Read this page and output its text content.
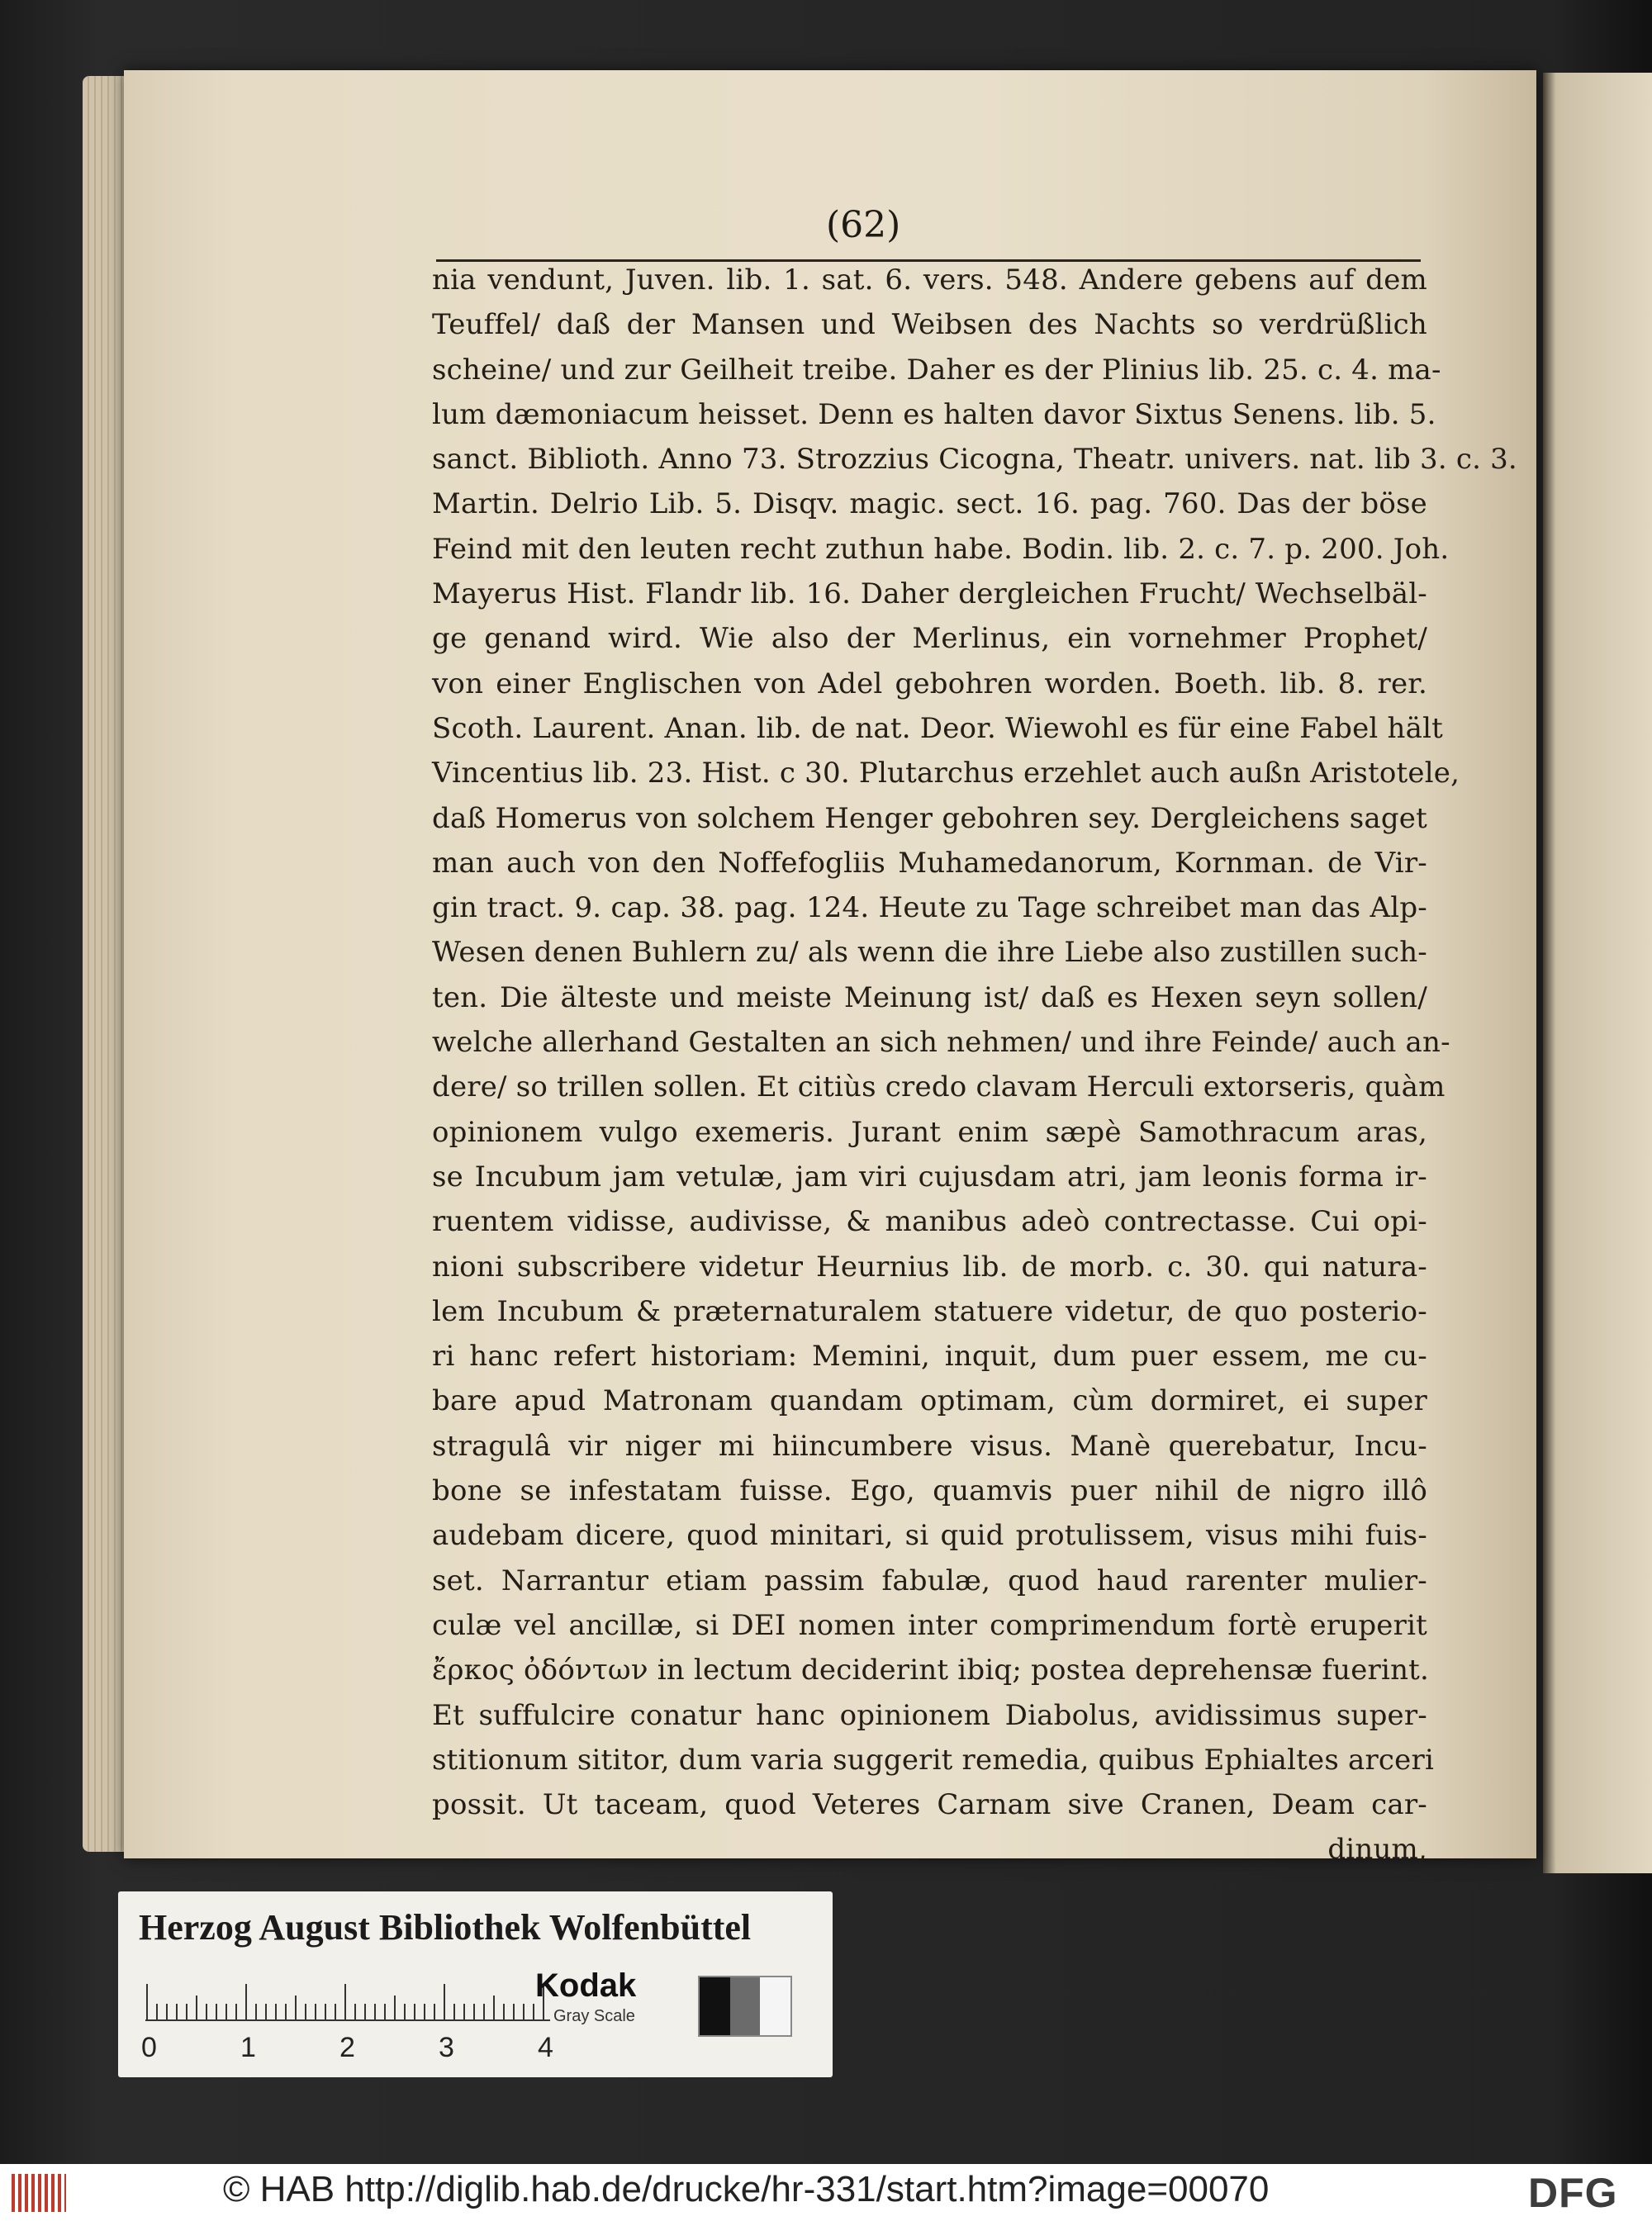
(62)
nia vendunt, Juven. lib. 1. sat. 6. vers. 548. Andere gebens auf dem
Teuffel/ daß der Mansen und Weibsen des Nachts so verdrüßlich
scheine/ und zur Geilheit treibe. Daher es der Plinius lib. 25. c. 4. ma-
lum dæmoniacum heisset. Denn es halten davor Sixtus Senens. lib. 5.
sanct. Biblioth. Anno 73. Strozzius Cicogna, Theatr. univers. nat. lib 3. c. 3.
Martin. Delrio Lib. 5. Disqv. magic. sect. 16. pag. 760. Das der böse
Feind mit den leuten recht zuthun habe. Bodin. lib. 2. c. 7. p. 200. Joh.
Mayerus Hist. Flandr lib. 16. Daher dergleichen Frucht/ Wechselbäl-
ge genand wird. Wie also der Merlinus, ein vornehmer Prophet/
von einer Englischen von Adel gebohren worden. Boeth. lib. 8. rer.
Scoth. Laurent. Anan. lib. de nat. Deor. Wiewohl es für eine Fabel hält
Vincentius lib. 23. Hist. c 30. Plutarchus erzehlet auch außn Aristotele,
daß Homerus von solchem Henger gebohren sey. Dergleichens saget
man auch von den Noffefogliis Muhamedanorum, Kornman. de Vir-
gin tract. 9. cap. 38. pag. 124. Heute zu Tage schreibet man das Alp-
Wesen denen Buhlern zu/ als wenn die ihre Liebe also zustillen such-
ten. Die älteste und meiste Meinung ist/ daß es Hexen seyn sollen/
welche allerhand Gestalten an sich nehmen/ und ihre Feinde/ auch an-
dere/ so trillen sollen. Et citiùs credo clavam Herculi extorseris, quàm
opinionem vulgo exemeris. Jurant enim sæpè Samothracum aras,
se Incubum jam vetulæ, jam viri cujusdam atri, jam leonis forma ir-
ruentem vidisse, audivisse, & manibus adeò contrectasse. Cui opi-
nioni subscribere videtur Heurnius lib. de morb. c. 30. qui natura-
lem Incubum & præternaturalem statuere videtur, de quo posterio-
ri hanc refert historiam: Memini, inquit, dum puer essem, me cu-
bare apud Matronam quandam optimam, cùm dormiret, ei super
stragulâ vir niger mi hiincumbere visus. Manè querebatur, Incu-
bone se infestatam fuisse. Ego, quamvis puer nihil de nigro illô
audebam dicere, quod minitari, si quid protulissem, visus mihi fuis-
set. Narrantur etiam passim fabulæ, quod haud rarenter mulier-
culæ vel ancillæ, si DEI nomen inter comprimendum fortè eruperit
ἔρκος ὀδόντων in lectum deciderint ibiq; postea deprehensæ fuerint.
Et suffulcire conatur hanc opinionem Diabolus, avidissimus super-
stitionum sititor, dum varia suggerit remedia, quibus Ephialtes arceri
possit. Ut taceam, quod Veteres Carnam sive Cranen, Deam car-
dinum,
Herzog August Bibliothek Wolfenbüttel
0	1	2	3	4
Kodak
Gray Scale
© HAB http://diglib.hab.de/drucke/hr-331/start.htm?image=00070	DFG
